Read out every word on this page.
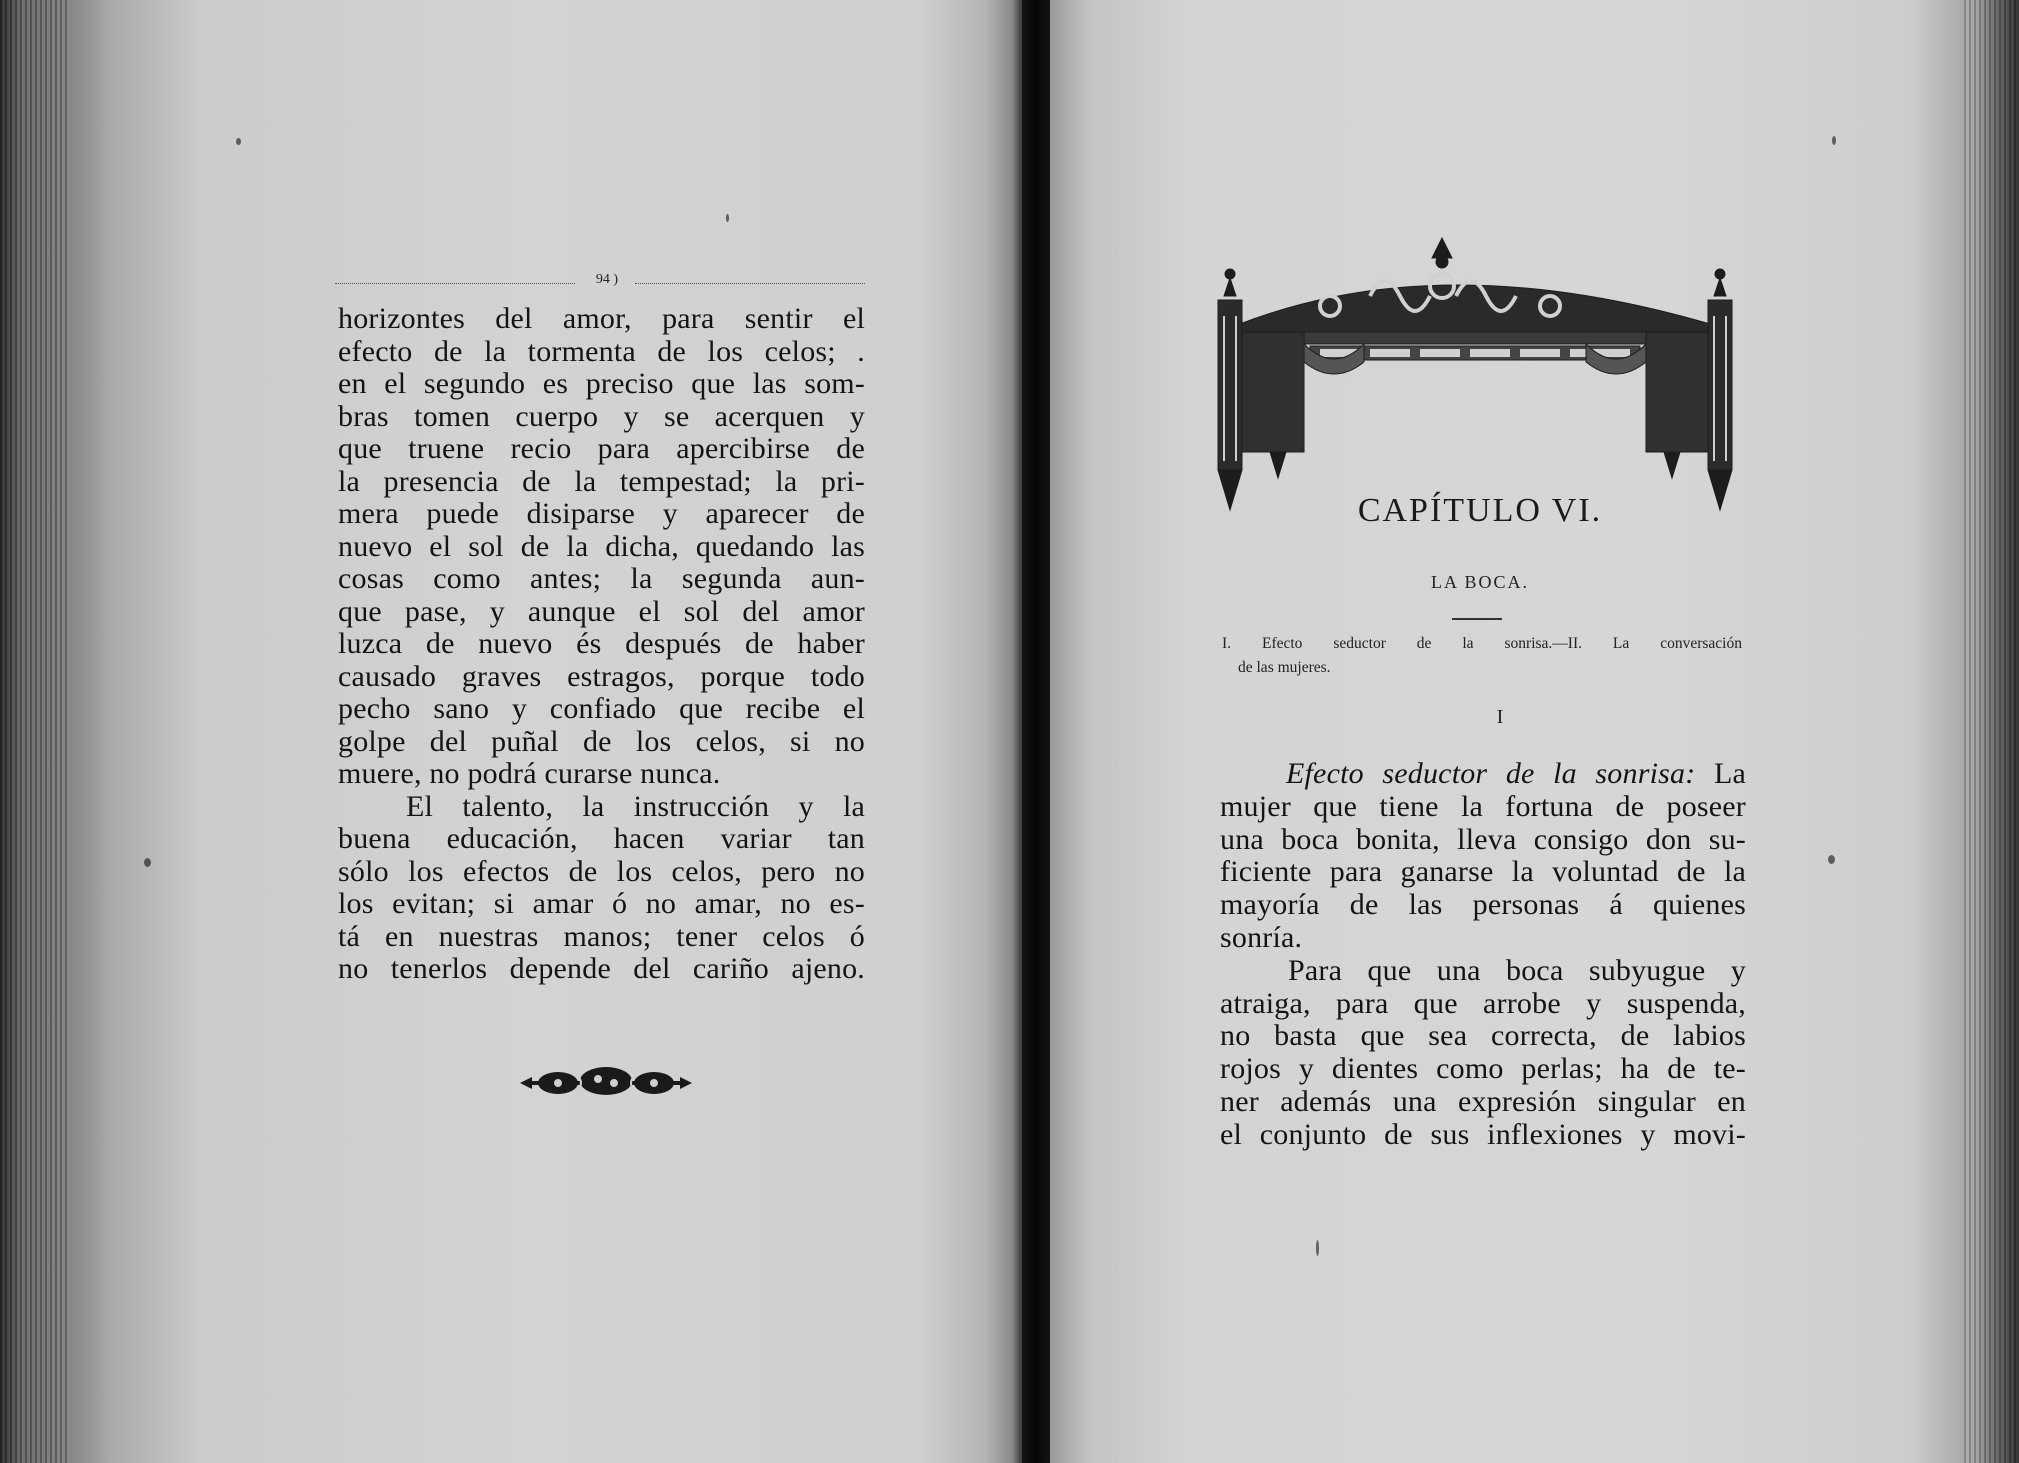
94 )
horizontes del amor, para sentir el
efecto de la tormenta de los celos; .
en el segundo es preciso que las som-
bras tomen cuerpo y se acerquen y
que truene recio para apercibirse de
la presencia de la tempestad; la pri-
mera puede disiparse y aparecer de
nuevo el sol de la dicha, quedando las
cosas como antes; la segunda aun-
que pase, y aunque el sol del amor
luzca de nuevo és después de haber
causado graves estragos, porque todo
pecho sano y confiado que recibe el
golpe del puñal de los celos, si no
muere, no podrá curarse nunca.
El talento, la instrucción y la
buena educación, hacen variar tan
sólo los efectos de los celos, pero no
los evitan; si amar ó no amar, no es-
tá en nuestras manos; tener celos ó
no tenerlos depende del cariño ajeno.
CAPÍTULO VI.
LA BOCA.
I. Efecto seductor de la sonrisa.—II. La conversación
de las mujeres.
I
Efecto seductor de la sonrisa: La
mujer que tiene la fortuna de poseer
una boca bonita, lleva consigo don su-
ficiente para ganarse la voluntad de la
mayoría de las personas á quienes
sonría.
Para que una boca subyugue y
atraiga, para que arrobe y suspenda,
no basta que sea correcta, de labios
rojos y dientes como perlas; ha de te-
ner además una expresión singular en
el conjunto de sus inflexiones y movi-
